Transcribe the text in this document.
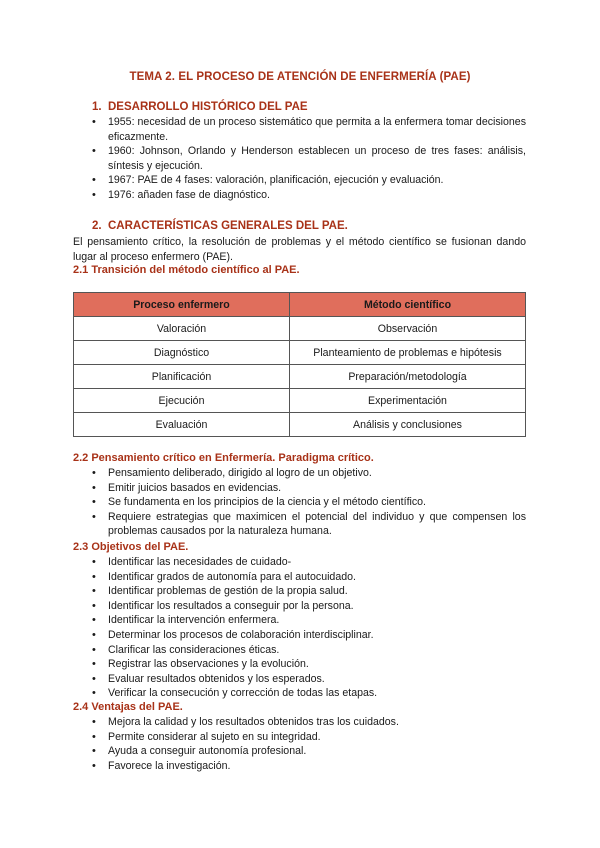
TEMA 2. EL PROCESO DE ATENCIÓN DE ENFERMERÍA (PAE)
1. DESARROLLO HISTÓRICO DEL PAE
• 1955: necesidad de un proceso sistemático que permita a la enfermera tomar decisiones eficazmente.
• 1960: Johnson, Orlando y Henderson establecen un proceso de tres fases: análisis, síntesis y ejecución.
• 1967: PAE de 4 fases: valoración, planificación, ejecución y evaluación.
• 1976: añaden fase de diagnóstico.
2. CARACTERÍSTICAS GENERALES DEL PAE.
El pensamiento crítico, la resolución de problemas y el método científico se fusionan dando lugar al proceso enfermero (PAE).
2.1 Transición del método científico al PAE.
Proceso enfermero	Método científico
Valoración	Observación
Diagnóstico	Planteamiento de problemas e hipótesis
Planificación	Preparación/metodología
Ejecución	Experimentación
Evaluación	Análisis y conclusiones
2.2 Pensamiento crítico en Enfermería. Paradigma crítico.
• Pensamiento deliberado, dirigido al logro de un objetivo.
• Emitir juicios basados en evidencias.
• Se fundamenta en los principios de la ciencia y el método científico.
• Requiere estrategias que maximicen el potencial del individuo y que compensen los problemas causados por la naturaleza humana.
2.3 Objetivos del PAE.
• Identificar las necesidades de cuidado-
• Identificar grados de autonomía para el autocuidado.
• Identificar problemas de gestión de la propia salud.
• Identificar los resultados a conseguir por la persona.
• Identificar la intervención enfermera.
• Determinar los procesos de colaboración interdisciplinar.
• Clarificar las consideraciones éticas.
• Registrar las observaciones y la evolución.
• Evaluar resultados obtenidos y los esperados.
• Verificar la consecución y corrección de todas las etapas.
2.4 Ventajas del PAE.
• Mejora la calidad y los resultados obtenidos tras los cuidados.
• Permite considerar al sujeto en su integridad.
• Ayuda a conseguir autonomía profesional.
• Favorece la investigación.
